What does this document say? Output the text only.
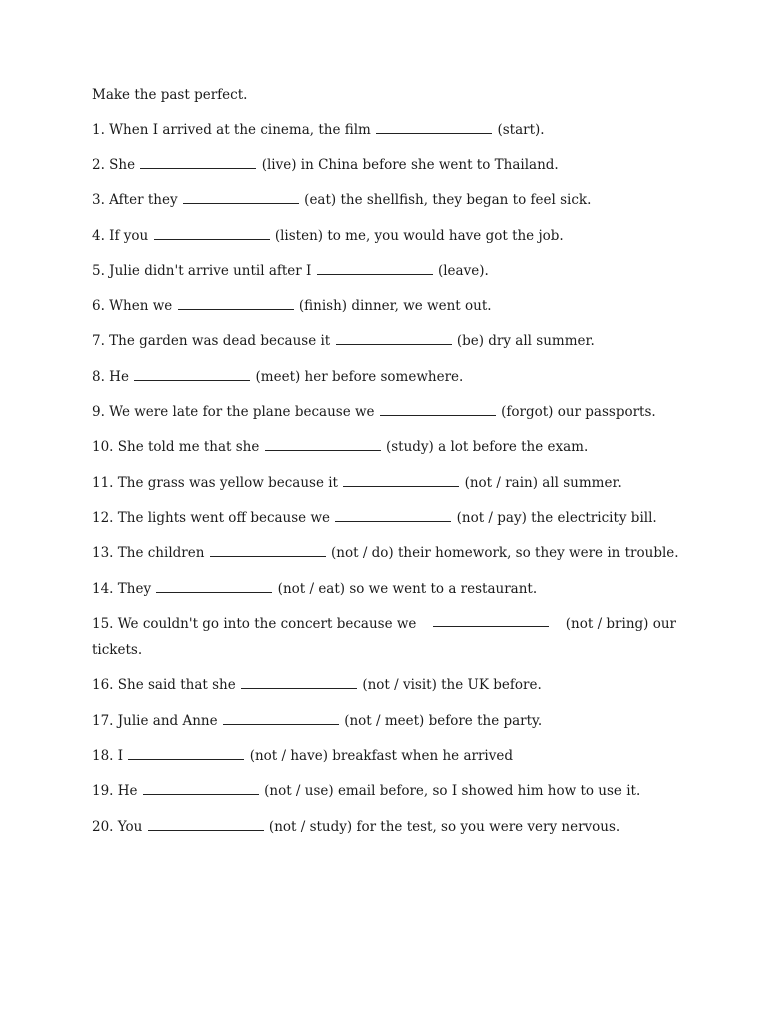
Make the past perfect.
1. When I arrived at the cinema, the film	(start).
2. She	(live) in China before she went to Thailand.
3. After they	(eat) the shellfish, they began to feel sick.
4. If you	(listen) to me, you would have got the job.
5. Julie didn't arrive until after I	(leave).
6. When we	(finish) dinner, we went out.
7. The garden was dead because it	(be) dry all summer.
8. He	(meet) her before somewhere.
9. We were late for the plane because we	(forgot) our passports.
10. She told me that she	(study) a lot before the exam.
11. The grass was yellow because it	(not / rain) all summer.
12. The lights went off because we	(not / pay) the electricity bill.
13. The children	(not / do) their homework, so they were in trouble.
14. They	(not / eat) so we went to a restaurant.
15. We couldn't go into the concert because we	(not / bring) our
tickets.
16. She said that she	(not / visit) the UK before.
17. Julie and Anne	(not / meet) before the party.
18. I	(not / have) breakfast when he arrived
19. He	(not / use) email before, so I showed him how to use it.
20. You	(not / study) for the test, so you were very nervous.
